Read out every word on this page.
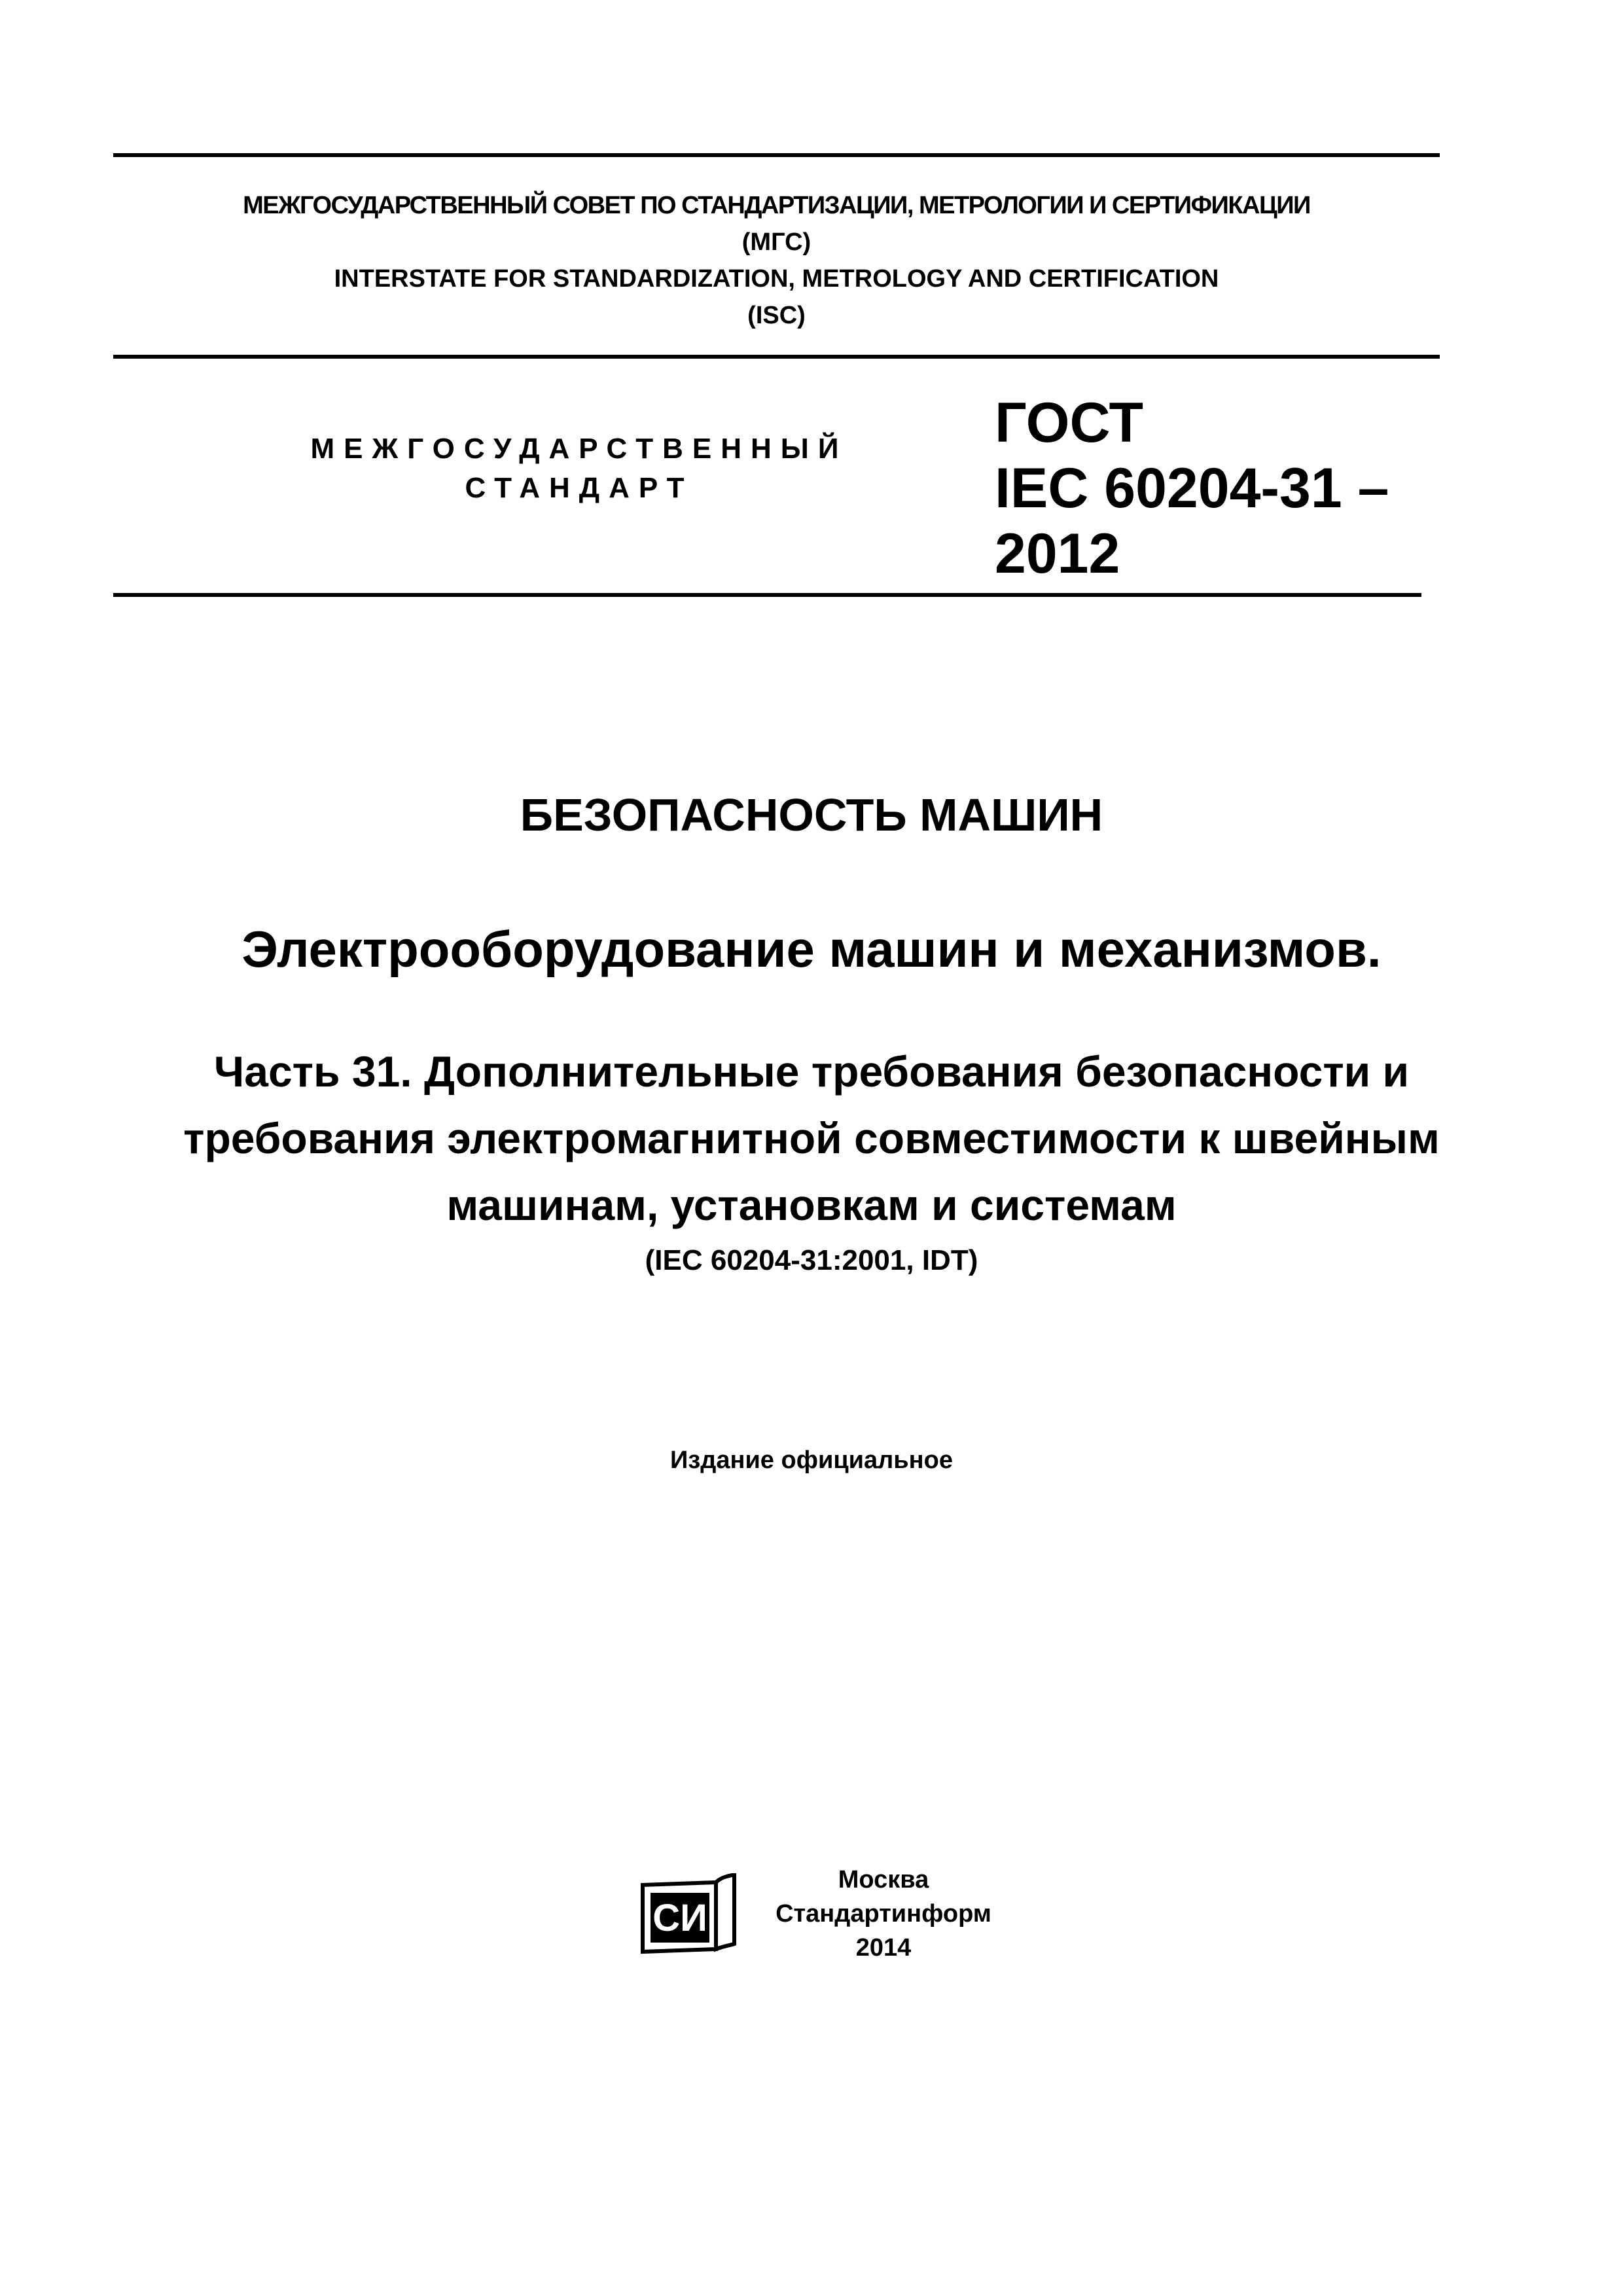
МЕЖГОСУДАРСТВЕННЫЙ СОВЕТ ПО СТАНДАРТИЗАЦИИ, МЕТРОЛОГИИ И СЕРТИФИКАЦИИ
(МГС)
INTERSTATE FOR STANDARDIZATION, METROLOGY AND CERTIFICATION
(ISC)
МЕЖГОСУДАРСТВЕННЫЙ
СТАНДАРТ
ГОСТ
IEC 60204-31 –
2012
БЕЗОПАСНОСТЬ МАШИН
Электрооборудование машин и механизмов.
Часть 31. Дополнительные требования безопасности и
требования электромагнитной совместимости к швейным
машинам, установкам и системам
(IEC 60204-31:2001, IDT)
Издание официальное
СИ
Москва
Стандартинформ
2014
